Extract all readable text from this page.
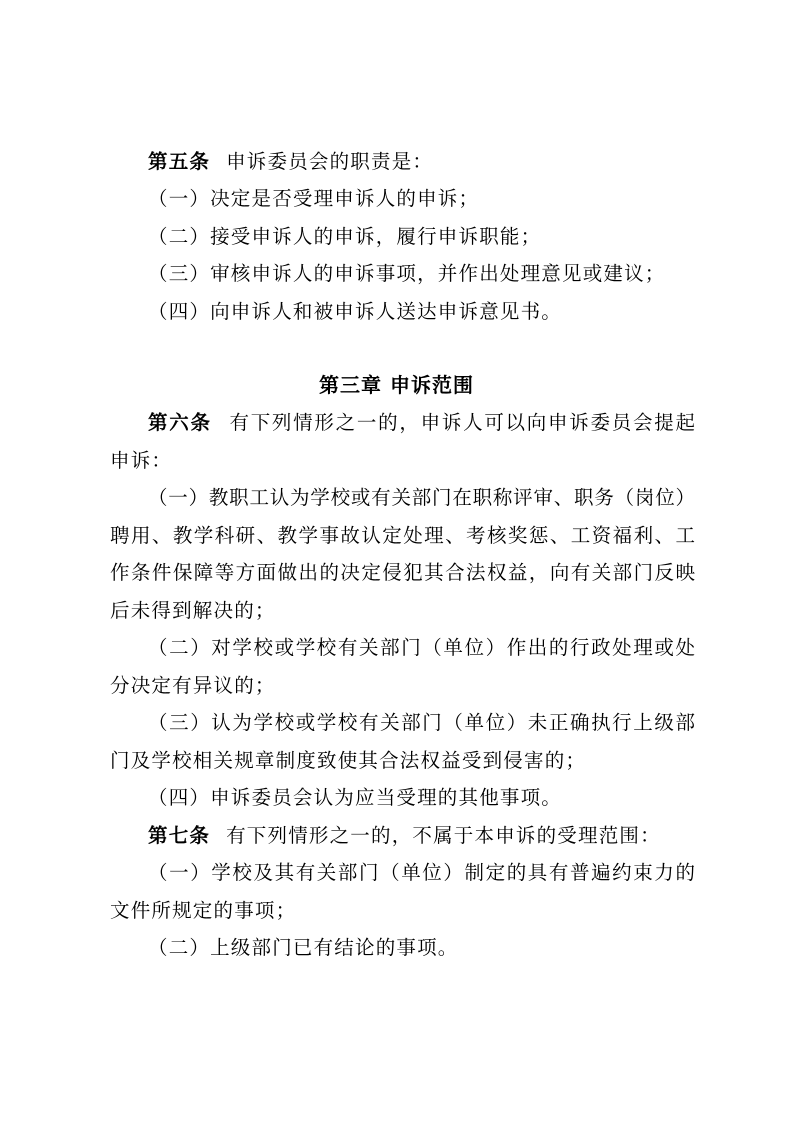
第五条 申诉委员会的职责是：
（一）决定是否受理申诉人的申诉；
（二）接受申诉人的申诉，履行申诉职能；
（三）审核申诉人的申诉事项，并作出处理意见或建议；
（四）向申诉人和被申诉人送达申诉意见书。
第三章 申诉范围
第六条 有下列情形之一的，申诉人可以向申诉委员会提起
申诉：
（一）教职工认为学校或有关部门在职称评审、职务（岗位）
聘用、教学科研、教学事故认定处理、考核奖惩、工资福利、工
作条件保障等方面做出的决定侵犯其合法权益，向有关部门反映
后未得到解决的；
（二）对学校或学校有关部门（单位）作出的行政处理或处
分决定有异议的；
（三）认为学校或学校有关部门（单位）未正确执行上级部
门及学校相关规章制度致使其合法权益受到侵害的；
（四）申诉委员会认为应当受理的其他事项。
第七条 有下列情形之一的，不属于本申诉的受理范围：
（一）学校及其有关部门（单位）制定的具有普遍约束力的
文件所规定的事项；
（二）上级部门已有结论的事项。
